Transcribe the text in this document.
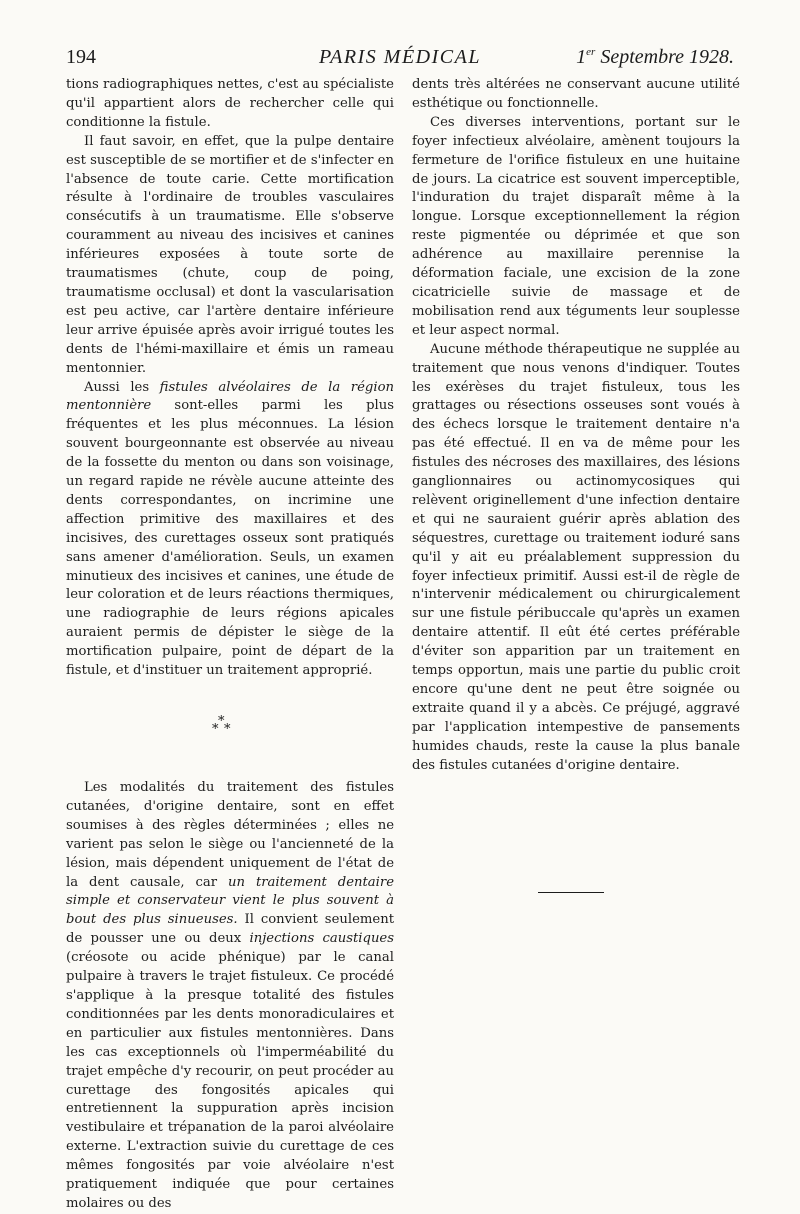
194	PARIS MÉDICAL	1er Septembre 1928.

tions radiographiques nettes, c'est au spécialiste qu'il appartient alors de rechercher celle qui conditionne la fistule.

Il faut savoir, en effet, que la pulpe dentaire est susceptible de se mortifier et de s'infecter en l'absence de toute carie. Cette mortification résulte à l'ordinaire de troubles vasculaires consécutifs à un traumatisme. Elle s'observe couramment au niveau des incisives et canines inférieures exposées à toute sorte de traumatismes (chute, coup de poing, traumatisme occlusal) et dont la vascularisation est peu active, car l'artère dentaire inférieure leur arrive épuisée après avoir irrigué toutes les dents de l'hémi-maxillaire et émis un rameau mentonnier.

Aussi les fistules alvéolaires de la région mentonnière sont-elles parmi les plus fréquentes et les plus méconnues. La lésion souvent bourgeonnante est observée au niveau de la fossette du menton ou dans son voisinage, un regard rapide ne révèle aucune atteinte des dents correspondantes, on incrimine une affection primitive des maxillaires et des incisives, des curettages osseux sont pratiqués sans amener d'amélioration. Seuls, un examen minutieux des incisives et canines, une étude de leur coloration et de leurs réactions thermiques, une radiographie de leurs régions apicales auraient permis de dépister le siège de la mortification pulpaire, point de départ de la fistule, et d'instituer un traitement approprié.

*
* *

Les modalités du traitement des fistules cutanées, d'origine dentaire, sont en effet soumises à des règles déterminées ; elles ne varient pas selon le siège ou l'ancienneté de la lésion, mais dépendent uniquement de l'état de la dent causale, car un traitement dentaire simple et conservateur vient le plus souvent à bout des plus sinueuses. Il convient seulement de pousser une ou deux injections caustiques (créosote ou acide phénique) par le canal pulpaire à travers le trajet fistuleux. Ce procédé s'applique à la presque totalité des fistules conditionnées par les dents monoradiculaires et en particulier aux fistules mentonnières. Dans les cas exceptionnels où l'imperméabilité du trajet empêche d'y recourir, on peut procéder au curettage des fongosités apicales qui entretiennent la suppuration après incision vestibulaire et trépanation de la paroi alvéolaire externe. L'extraction suivie du curettage de ces mêmes fongosités par voie alvéolaire n'est pratiquement indiquée que pour certaines molaires ou des

dents très altérées ne conservant aucune utilité esthétique ou fonctionnelle.

Ces diverses interventions, portant sur le foyer infectieux alvéolaire, amènent toujours la fermeture de l'orifice fistuleux en une huitaine de jours. La cicatrice est souvent imperceptible, l'induration du trajet disparaît même à la longue. Lorsque exceptionnellement la région reste pigmentée ou déprimée et que son adhérence au maxillaire perennise la déformation faciale, une excision de la zone cicatricielle suivie de massage et de mobilisation rend aux téguments leur souplesse et leur aspect normal.

Aucune méthode thérapeutique ne supplée au traitement que nous venons d'indiquer. Toutes les exérèses du trajet fistuleux, tous les grattages ou résections osseuses sont voués à des échecs lorsque le traitement dentaire n'a pas été effectué. Il en va de même pour les fistules des nécroses des maxillaires, des lésions ganglionnaires ou actinomycosiques qui relèvent originellement d'une infection dentaire et qui ne sauraient guérir après ablation des séquestres, curettage ou traitement ioduré sans qu'il y ait eu préalablement suppression du foyer infectieux primitif. Aussi est-il de règle de n'intervenir médicalement ou chirurgicalement sur une fistule péribuccale qu'après un examen dentaire attentif. Il eût été certes préférable d'éviter son apparition par un traitement en temps opportun, mais une partie du public croit encore qu'une dent ne peut être soignée ou extraite quand il y a abcès. Ce préjugé, aggravé par l'application intempestive de pansements humides chauds, reste la cause la plus banale des fistules cutanées d'origine dentaire.
